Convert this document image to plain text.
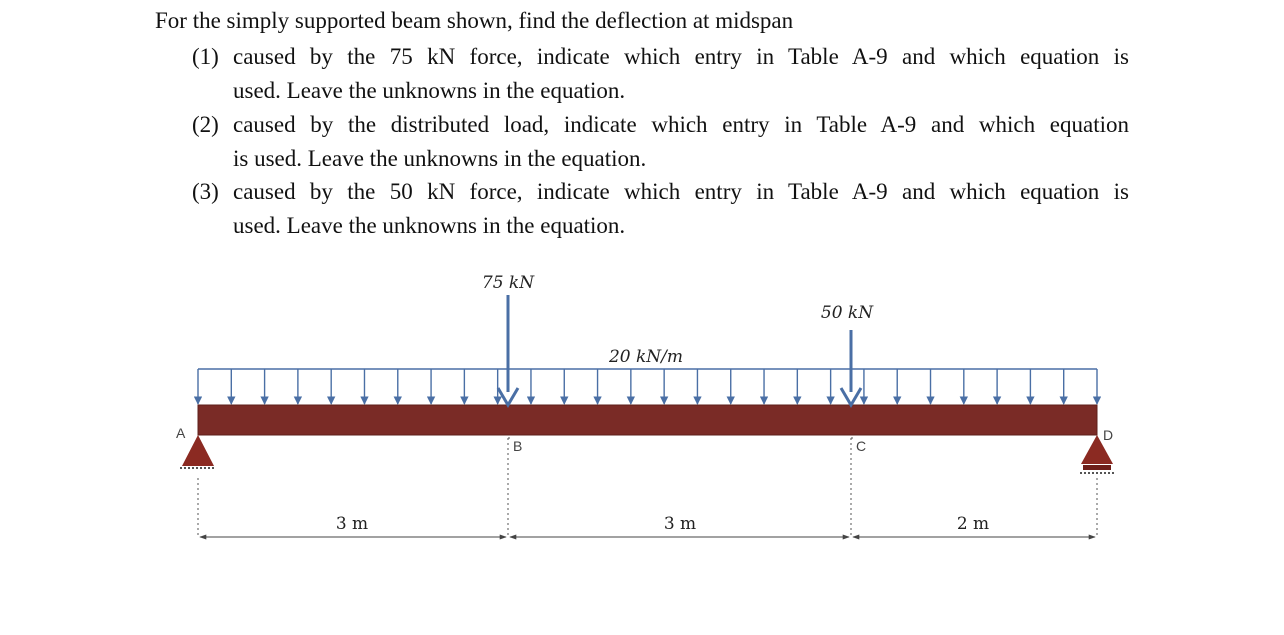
For the simply supported beam shown, find the deflection at midspan
(1) caused by the 75 kN force, indicate which entry in Table A-9 and which equation is
used. Leave the unknowns in the equation.
(2) caused by the distributed load, indicate which entry in Table A-9 and which equation
is used. Leave the unknowns in the equation.
(3) caused by the 50 kN force, indicate which entry in Table A-9 and which equation is
used. Leave the unknowns in the equation.
75 kN
50 kN
20 kN/m
A
B	C
D
3 m	3 m	2 m
